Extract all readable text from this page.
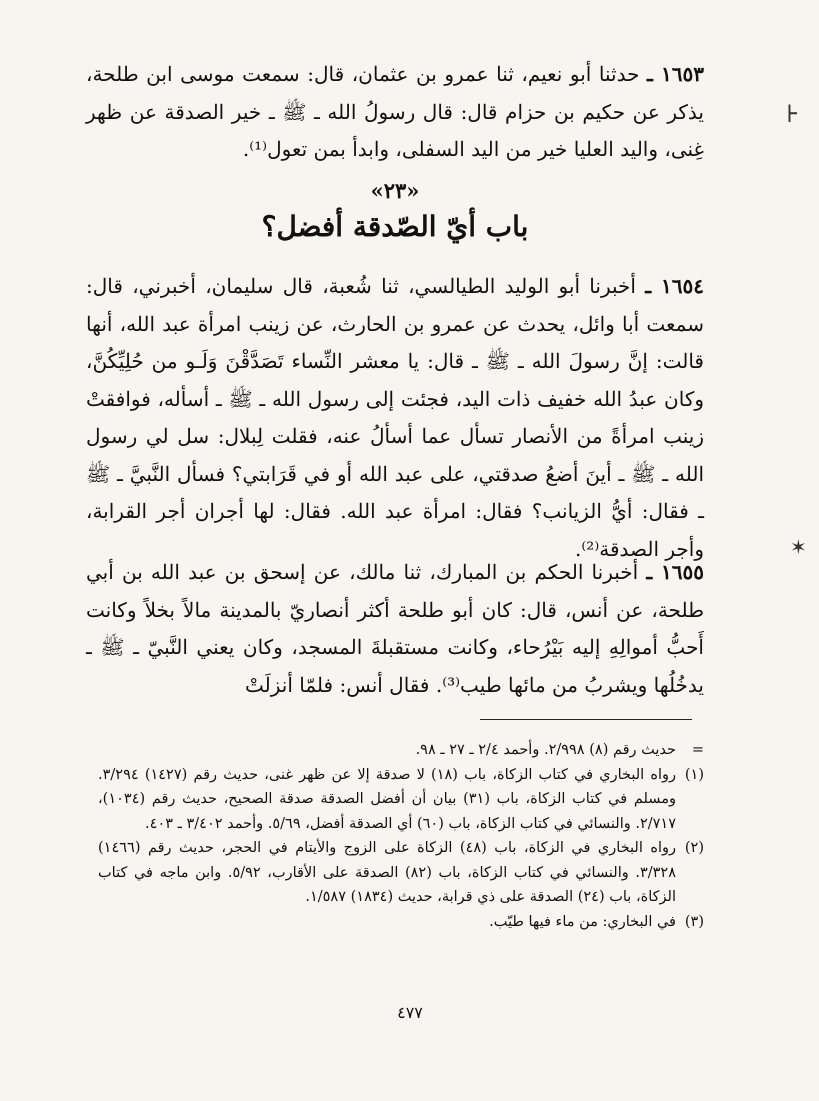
١٦٥٣ ـ حدثنا أبو نعيم، ثنا عمرو بن عثمان، قال: سمعت موسى ابن طلحة، يذكر عن حكيم بن حزام قال: قال رسولُ الله ـ ﷺ ـ خير الصدقة عن ظهر غِنى، واليد العليا خير من اليد السفلى، وابدأ بمن تعول⁽¹⁾.

«٢٣»
باب أيّ الصّدقة أفضل؟

١٦٥٤ ـ أخبرنا أبو الوليد الطيالسي، ثنا شُعبة، قال سليمان، أخبرني، قال: سمعت أبا وائل، يحدث عن عمرو بن الحارث، عن زينب امرأة عبد الله، أنها قالت: إنَّ رسولَ الله ـ ﷺ ـ قال: يا معشر النِّساء تَصَدَّقْنَ وَلَـو من حُلِيِّكُنَّ، وكان عبدُ الله خفيف ذات اليد، فجئت إلى رسول الله ـ ﷺ ـ أسأله، فوافقتْ زينب امرأةً من الأنصار تسأل عما أسألُ عنه، فقلت لِبلال: سل لي رسول الله ـ ﷺ ـ أينَ أضعُ صدقتي، على عبد الله أو في قَرَابتي؟ فسأل النَّبيَّ ـ ﷺ ـ فقال: أيُّ الزيانب؟ فقال: امرأة عبد الله. فقال: لها أجران أجر القرابة، وأجر الصدقة⁽²⁾.

١٦٥٥ ـ أخبرنا الحكم بن المبارك، ثنا مالك، عن إسحق بن عبد الله بن أبي طلحة، عن أنس، قال: كان أبو طلحة أكثر أنصاريّ بالمدينة مالاً بخلاً وكانت أَحبُّ أموالِهِ إليه بَيْرُحاء، وكانت مستقبلةَ المسجد، وكان يعني النَّبيّ ـ ﷺ ـ يدخُلُها ويشربُ من مائها طيب⁽³⁾. فقال أنس: فلمّا أنزلَتْ

=
حديث رقم (٨) ٢/٩٩٨. وأحمد ٢/٤ ـ ٢٧ ـ ٩٨.
(١)
رواه البخاري في كتاب الزكاة، باب (١٨) لا صدقة إلا عن ظهر غنى، حديث رقم (١٤٢٧) ٣/٢٩٤. ومسلم في كتاب الزكاة، باب (٣١) بيان أن أفضل الصدقة صدقة الصحيح، حديث رقم (١٠٣٤)، ٢/٧١٧. والنسائي في كتاب الزكاة، باب (٦٠) أي الصدقة أفضل، ٥/٦٩. وأحمد ٣/٤٠٢ ـ ٤٠٣.
(٢)
رواه البخاري في الزكاة، باب (٤٨) الزكاة على الزوج والأيتام في الحجر، حديث رقم (١٤٦٦) ٣/٣٢٨. والنسائي في كتاب الزكاة، باب (٨٢) الصدقة على الأقارب، ٥/٩٢. وابن ماجه في كتاب الزكاة، باب (٢٤) الصدقة على ذي قرابة، حديث (١٨٣٤) ١/٥٨٧.
(٣)
في البخاري: من ماء فيها طيّب.
٤٧٧
⊦
✶
